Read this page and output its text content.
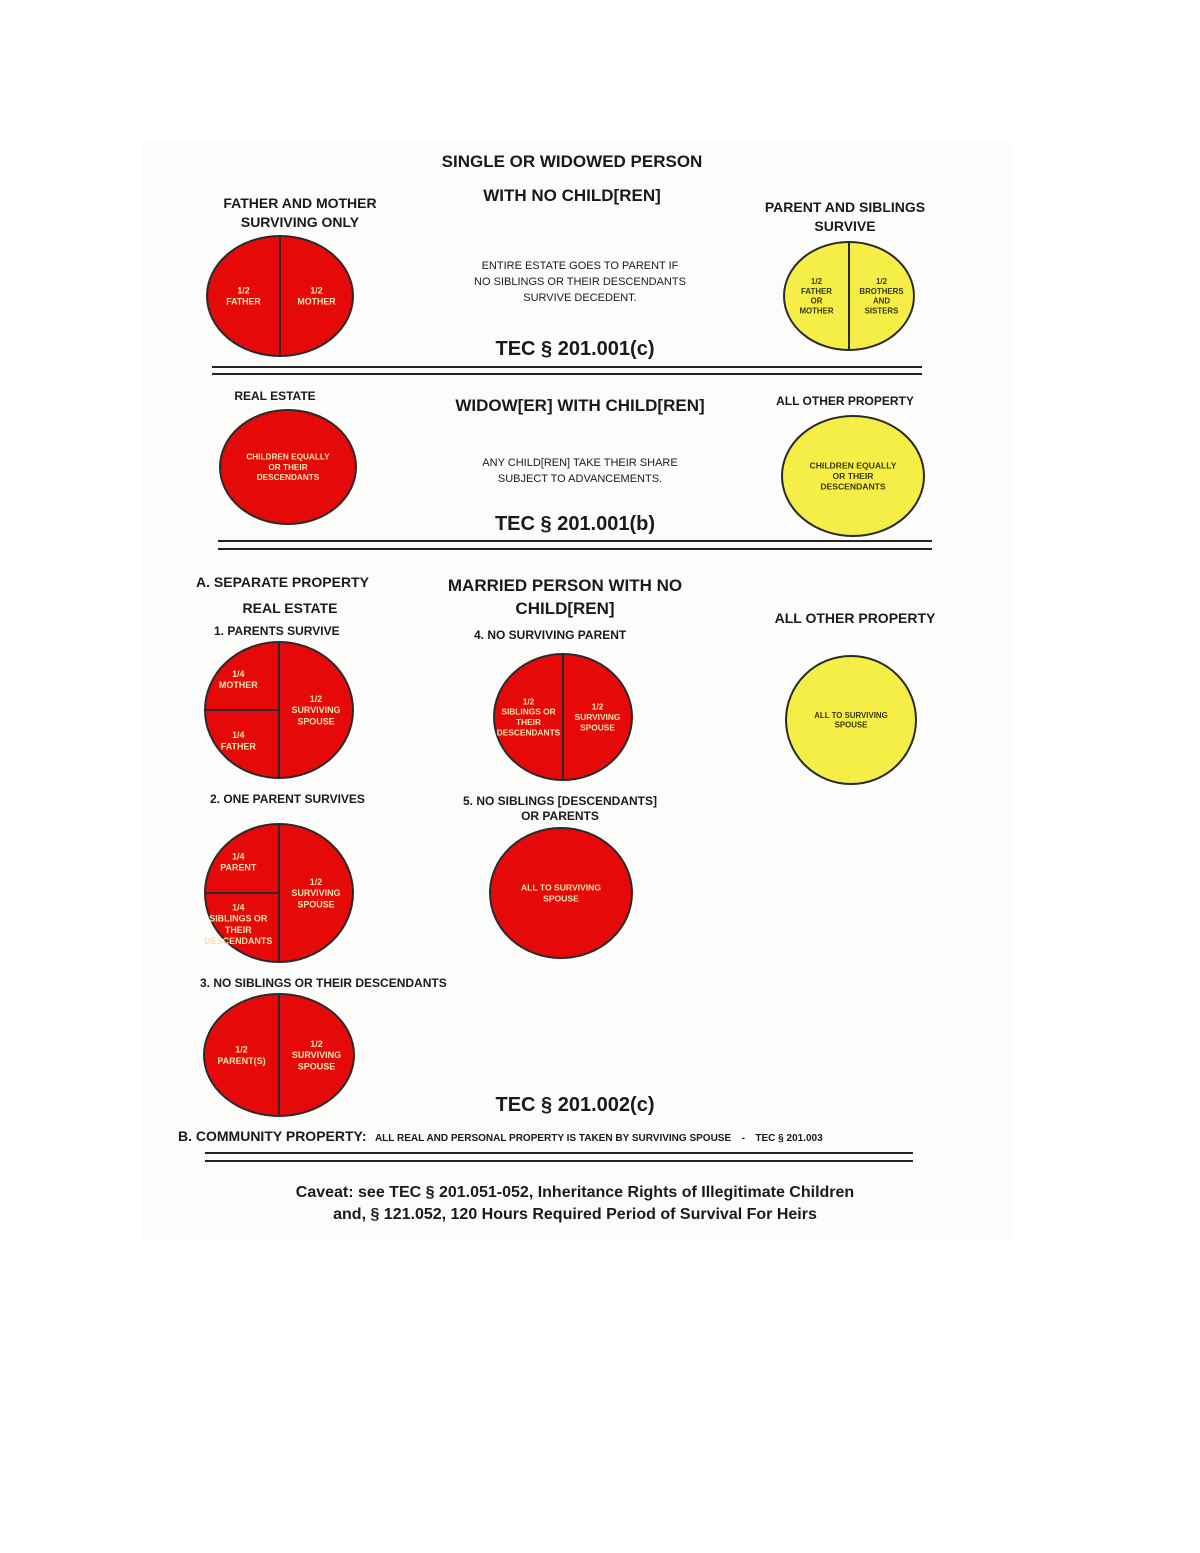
SINGLE OR WIDOWED PERSON

WITH NO CHILD[REN]

FATHER AND MOTHER
SURVIVING ONLY

PARENT AND SIBLINGS
SURVIVE

ENTIRE ESTATE GOES TO PARENT IF
NO SIBLINGS OR THEIR DESCENDANTS
SURVIVE DECEDENT.

TEC § 201.001(c)

1/2 FATHER
1/2 MOTHER
1/2 FATHER OR MOTHER
1/2 BROTHERS AND SISTERS

WIDOW[ER] WITH CHILD[REN]

REAL ESTATE	ALL OTHER PROPERTY

ANY CHILD[REN] TAKE THEIR SHARE
SUBJECT TO ADVANCEMENTS.

TEC § 201.001(b)

CHILDREN EQUALLY OR THEIR DESCENDANTS
CHILDREN EQUALLY OR THEIR DESCENDANTS

A. SEPARATE PROPERTY

REAL ESTATE

MARRIED PERSON WITH NO
CHILD[REN]	ALL OTHER PROPERTY

1. PARENTS SURVIVE

1/4 MOTHER
1/4 FATHER
1/2 SURVIVING SPOUSE

4. NO SURVIVING PARENT

1/2 SIBLINGS OR THEIR DESCENDANTS
1/2 SURVIVING SPOUSE
ALL TO SURVIVING SPOUSE

2. ONE PARENT SURVIVES	5. NO SIBLINGS [DESCENDANTS]
OR PARENTS

1/4 PARENT
1/4 SIBLINGS OR THEIR DESCENDANTS
1/2 SURVIVING SPOUSE
ALL TO SURVIVING SPOUSE

3. NO SIBLINGS OR THEIR DESCENDANTS

1/2 PARENT(S)
1/2 SURVIVING SPOUSE

TEC § 201.002(c)

B. COMMUNITY PROPERTY: ALL REAL AND PERSONAL PROPERTY IS TAKEN BY SURVIVING SPOUSE - TEC § 201.003

Caveat: see TEC § 201.051-052, Inheritance Rights of Illegitimate Children

and, § 121.052, 120 Hours Required Period of Survival For Heirs
